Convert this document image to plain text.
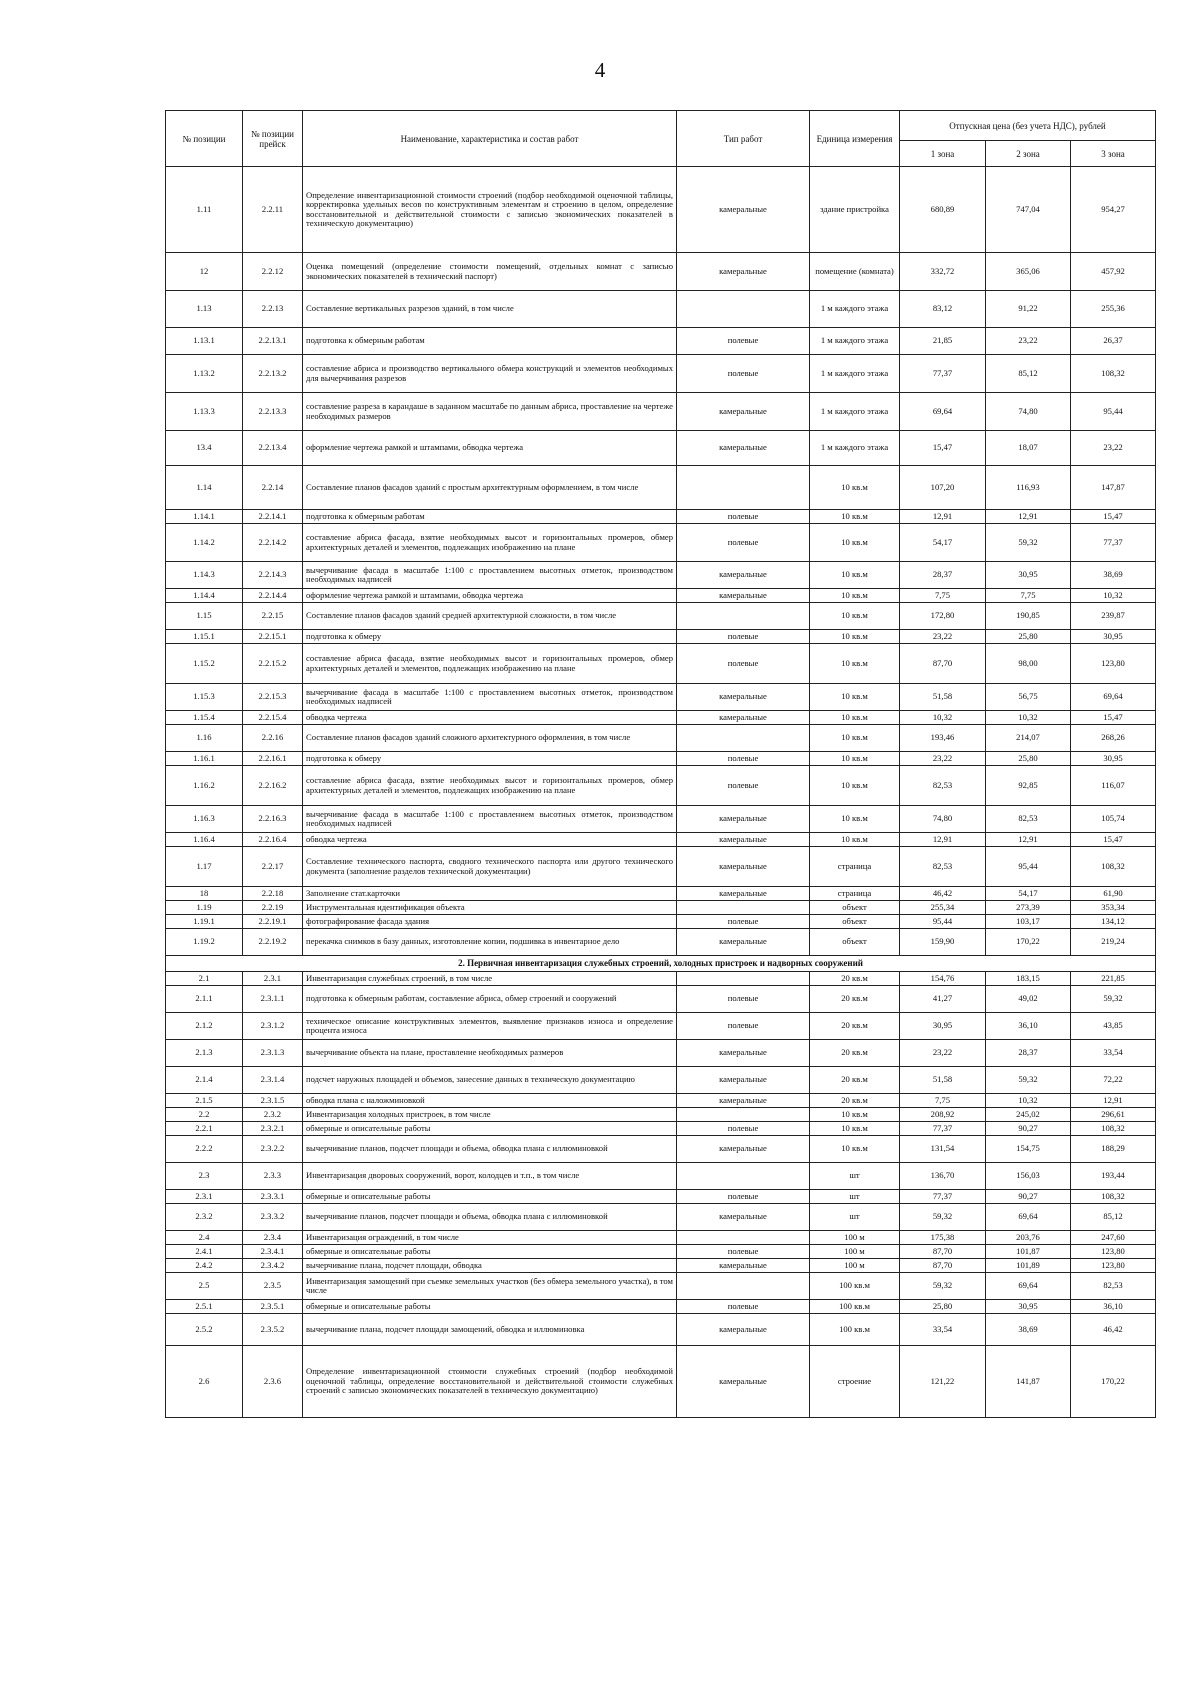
4
№ позиции	№ позиции прейск	Наименование, характеристика и состав работ	Тип работ	Единица измерения	Отпускная цена (без учета НДС), рублей		
					1 зона	2 зона	3 зона
1.11	2.2.11	Определение инвентаризационной стоимости строений (подбор необходимой оценочной таблицы, корректировка удельных весов по конструктивным элементам и строению в целом, определение восстановительной и действительной стоимости с записью экономических показателей в техническую документацию)	камеральные	здание пристройка	680,89	747,04	954,27
12	2.2.12	Оценка помещений (определение стоимости помещений, отдельных комнат с записью экономических показателей в технический паспорт)	камеральные	помещение (комната)	332,72	365,06	457,92
1.13	2.2.13	Составление вертикальных разрезов зданий, в том числе		1 м каждого этажа	83,12	91,22	255,36
1.13.1	2.2.13.1	подготовка к обмерным работам	полевые	1 м каждого этажа	21,85	23,22	26,37
1.13.2	2.2.13.2	составление абриса и производство вертикального обмера конструкций и элементов необходимых для вычерчивания разрезов	полевые	1 м каждого этажа	77,37	85,12	108,32
1.13.3	2.2.13.3	составление разреза в карандаше в заданном масштабе по данным абриса, проставление на чертеже необходимых размеров	камеральные	1 м каждого этажа	69,64	74,80	95,44
13.4	2.2.13.4	оформление чертежа рамкой и штампами, обводка чертежа	камеральные	1 м каждого этажа	15,47	18,07	23,22
1.14	2.2.14	Составление планов фасадов зданий с простым архитектурным оформлением, в том числе		10 кв.м	107,20	116,93	147,87
1.14.1	2.2.14.1	подготовка к обмерным работам	полевые	10 кв.м	12,91	12,91	15,47
1.14.2	2.2.14.2	составление абриса фасада, взятие необходимых высот и горизонтальных промеров, обмер архитектурных деталей и элементов, подлежащих изображению на плане	полевые	10 кв.м	54,17	59,32	77,37
1.14.3	2.2.14.3	вычерчивание фасада в масштабе 1:100 с проставлением высотных отметок, производством необходимых надписей	камеральные	10 кв.м	28,37	30,95	38,69
1.14.4	2.2.14.4	оформление чертежа рамкой и штампами, обводка чертежа	камеральные	10 кв.м	7,75	7,75	10,32
1.15	2.2.15	Составление планов фасадов зданий средней архитектурной сложности, в том числе		10 кв.м	172,80	190,85	239,87
1.15.1	2.2.15.1	подготовка к обмеру	полевые	10 кв.м	23,22	25,80	30,95
1.15.2	2.2.15.2	составление абриса фасада, взятие необходимых высот и горизонтальных промеров, обмер архитектурных деталей и элементов, подлежащих изображению на плане	полевые	10 кв.м	87,70	98,00	123,80
1.15.3	2.2.15.3	вычерчивание фасада в масштабе 1:100 с проставлением высотных отметок, производством необходимых надписей	камеральные	10 кв.м	51,58	56,75	69,64
1.15.4	2.2.15.4	обводка чертежа	камеральные	10 кв.м	10,32	10,32	15,47
1.16	2.2.16	Составление планов фасадов зданий сложного архитектурного оформления, в том числе		10 кв.м	193,46	214,07	268,26
1.16.1	2.2.16.1	подготовка к обмеру	полевые	10 кв.м	23,22	25,80	30,95
1.16.2	2.2.16.2	составление абриса фасада, взятие необходимых высот и горизонтальных промеров, обмер архитектурных деталей и элементов, подлежащих изображению на плане	полевые	10 кв.м	82,53	92,85	116,07
1.16.3	2.2.16.3	вычерчивание фасада в масштабе 1:100 с проставлением высотных отметок, производством необходимых надписей	камеральные	10 кв.м	74,80	82,53	105,74
1.16.4	2.2.16.4	обводка чертежа	камеральные	10 кв.м	12,91	12,91	15,47
1.17	2.2.17	Составление технического паспорта, сводного технического паспорта или другого технического документа (заполнение разделов технической документации)	камеральные	страница	82,53	95,44	108,32
18	2.2.18	Заполнение стат.карточки	камеральные	страница	46,42	54,17	61,90
1.19	2.2.19	Инструментальная идентификация объекта		объект	255,34	273,39	353,34
1.19.1	2.2.19.1	фотографирование фасада здания	полевые	объект	95,44	103,17	134,12
1.19.2	2.2.19.2	перекачка снимков в базу данных, изготовление копии, подшивка в инвентарное дело	камеральные	объект	159,90	170,22	219,24
2. Первичная инвентаризация служебных строений, холодных пристроек и надворных сооружений							
2.1	2.3.1	Инвентаризация служебных строений, в том числе		20 кв.м	154,76	183,15	221,85
2.1.1	2.3.1.1	подготовка к обмерным работам, составление абриса, обмер строений и сооружений	полевые	20 кв.м	41,27	49,02	59,32
2.1.2	2.3.1.2	техническое описание конструктивных элементов, выявление признаков износа и определение процента износа	полевые	20 кв.м	30,95	36,10	43,85
2.1.3	2.3.1.3	вычерчивание объекта на плане, проставление необходимых размеров	камеральные	20 кв.м	23,22	28,37	33,54
2.1.4	2.3.1.4	подсчет наружных площадей и объемов, занесение данных в техническую документацию	камеральные	20 кв.м	51,58	59,32	72,22
2.1.5	2.3.1.5	обводка плана с наложминовкой	камеральные	20 кв.м	7,75	10,32	12,91
2.2	2.3.2	Инвентаризация холодных пристроек, в том числе		10 кв.м	208,92	245,02	296,61
2.2.1	2.3.2.1	обмерные и описательные работы	полевые	10 кв.м	77,37	90,27	108,32
2.2.2	2.3.2.2	вычерчивание планов, подсчет площади и объема, обводка плана с иллюминовкой	камеральные	10 кв.м	131,54	154,75	188,29
2.3	2.3.3	Инвентаризация дворовых сооружений, ворот, колодцев и т.п., в том числе		шт	136,70	156,03	193,44
2.3.1	2.3.3.1	обмерные и описательные работы	полевые	шт	77,37	90,27	108,32
2.3.2	2.3.3.2	вычерчивание планов, подсчет площади и объема, обводка плана с иллюминовкой	камеральные	шт	59,32	69,64	85,12
2.4	2.3.4	Инвентаризация ограждений, в том числе		100 м	175,38	203,76	247,60
2.4.1	2.3.4.1	обмерные и описательные работы	полевые	100 м	87,70	101,87	123,80
2.4.2	2.3.4.2	вычерчивание плана, подсчет площади, обводка	камеральные	100 м	87,70	101,89	123,80
2.5	2.3.5	Инвентаризация замощений при съемке земельных участков (без обмера земельного участка), в том числе		100 кв.м	59,32	69,64	82,53
2.5.1	2.3.5.1	обмерные и описательные работы	полевые	100 кв.м	25,80	30,95	36,10
2.5.2	2.3.5.2	вычерчивание плана, подсчет площади замощений, обводка и иллюминовка	камеральные	100 кв.м	33,54	38,69	46,42
2.6	2.3.6	Определение инвентаризационной стоимости служебных строений (подбор необходимой оценочной таблицы, определение восстановительной и действительной стоимости служебных строений с записью экономических показателей в техническую документацию)	камеральные	строение	121,22	141,87	170,22
